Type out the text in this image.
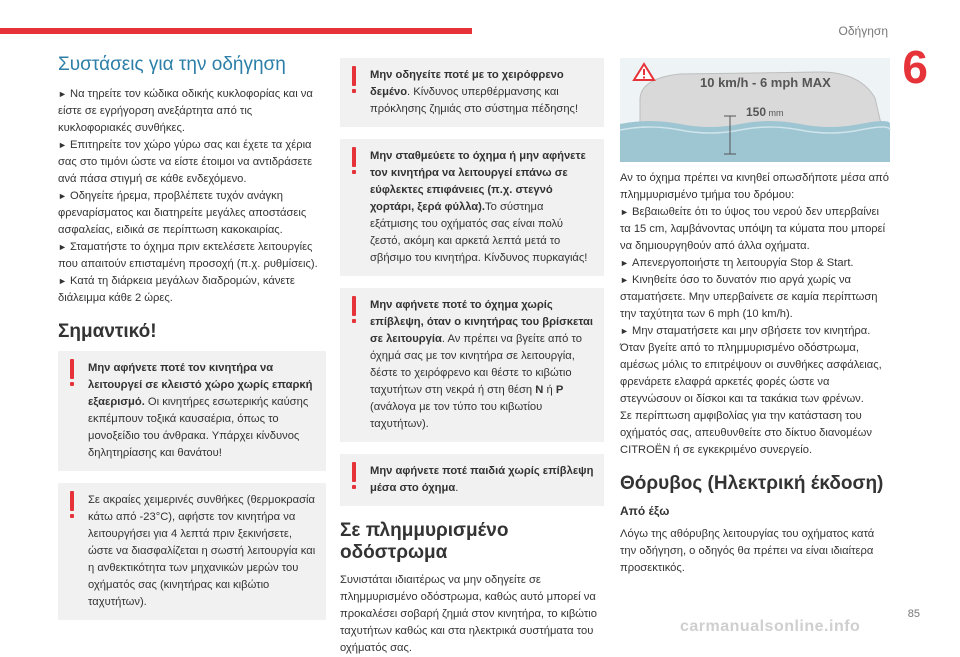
Οδήγηση
6
85
carmanualsonline.info
Συστάσεις για την οδήγηση

► Να τηρείτε τον κώδικα οδικής κυκλοφορίας και να είστε σε εγρήγορση ανεξάρτητα από τις κυκλοφοριακές συνθήκες.

► Επιτηρείτε τον χώρο γύρω σας και έχετε τα χέρια σας στο τιμόνι ώστε να είστε έτοιμοι να αντιδράσετε ανά πάσα στιγμή σε κάθε ενδεχόμενο.

► Οδηγείτε ήρεμα, προβλέπετε τυχόν ανάγκη φρεναρίσματος και διατηρείτε μεγάλες αποστάσεις ασφαλείας, ειδικά σε περίπτωση κακοκαιρίας.

► Σταματήστε το όχημα πριν εκτελέσετε λειτουργίες που απαιτούν επισταμένη προσοχή (π.χ. ρυθμίσεις).

► Κατά τη διάρκεια μεγάλων διαδρομών, κάνετε διάλειμμα κάθε 2 ώρες.

Σημαντικό!
Μην αφήνετε ποτέ τον κινητήρα να λειτουργεί σε κλειστό χώρο χωρίς επαρκή εξαερισμό. Οι κινητήρες εσωτερικής καύσης εκπέμπουν τοξικά καυσαέρια, όπως το μονοξείδιο του άνθρακα. Υπάρχει κίνδυνος δηλητηρίασης και θανάτου!
Σε ακραίες χειμερινές συνθήκες (θερμοκρασία κάτω από -23°C), αφήστε τον κινητήρα να λειτουργήσει για 4 λεπτά πριν ξεκινήσετε, ώστε να διασφαλίζεται η σωστή λειτουργία και η ανθεκτικότητα των μηχανικών μερών του οχήματός σας (κινητήρας και κιβώτιο ταχυτήτων).
Μην οδηγείτε ποτέ με το χειρόφρενο δεμένο. Κίνδυνος υπερθέρμανσης και πρόκλησης ζημιάς στο σύστημα πέδησης!
Μην σταθμεύετε το όχημα ή μην αφήνετε τον κινητήρα να λειτουργεί επάνω σε εύφλεκτες επιφάνειες (π.χ. στεγνό χορτάρι, ξερά φύλλα).Το σύστημα εξάτμισης του οχήματός σας είναι πολύ ζεστό, ακόμη και αρκετά λεπτά μετά το σβήσιμο του κινητήρα. Κίνδυνος πυρκαγιάς!
Μην αφήνετε ποτέ το όχημα χωρίς επίβλεψη, όταν ο κινητήρας του βρίσκεται σε λειτουργία. Αν πρέπει να βγείτε από το όχημά σας με τον κινητήρα σε λειτουργία, δέστε το χειρόφρενο και θέστε το κιβώτιο ταχυτήτων στη νεκρά ή στη θέση N ή P (ανάλογα με τον τύπο του κιβωτίου ταχυτήτων).
Μην αφήνετε ποτέ παιδιά χωρίς επίβλεψη μέσα στο όχημα.
Σε πλημμυρισμένο οδόστρωμα

Συνιστάται ιδιαιτέρως να μην οδηγείτε σε πλημμυρισμένο οδόστρωμα, καθώς αυτό μπορεί να προκαλέσει σοβαρή ζημιά στον κινητήρα, το κιβώτιο ταχυτήτων καθώς και στα ηλεκτρικά συστήματα του οχήματός σας.

10 km/h - 6 mph MAX
150 mm

Αν το όχημα πρέπει να κινηθεί οπωσδήποτε μέσα από πλημμυρισμένο τμήμα του δρόμου:

► Βεβαιωθείτε ότι το ύψος του νερού δεν υπερβαίνει τα 15 cm, λαμβάνοντας υπόψη τα κύματα που μπορεί να δημιουργηθούν από άλλα οχήματα.

► Απενεργοποιήστε τη λειτουργία Stop & Start.

► Κινηθείτε όσο το δυνατόν πιο αργά χωρίς να σταματήσετε. Μην υπερβαίνετε σε καμία περίπτωση την ταχύτητα των 6 mph (10 km/h).

► Μην σταματήσετε και μην σβήσετε τον κινητήρα.

Όταν βγείτε από το πλημμυρισμένο οδόστρωμα, αμέσως μόλις το επιτρέψουν οι συνθήκες ασφάλειας, φρενάρετε ελαφρά αρκετές φορές ώστε να στεγνώσουν οι δίσκοι και τα τακάκια των φρένων.

Σε περίπτωση αμφιβολίας για την κατάσταση του οχήματός σας, απευθυνθείτε στο δίκτυο διανομέων CITROËN ή σε εγκεκριμένο συνεργείο.

Θόρυβος (Ηλεκτρική έκδοση)
Από έξω

Λόγω της αθόρυβης λειτουργίας του οχήματος κατά την οδήγηση, ο οδηγός θα πρέπει να είναι ιδιαίτερα προσεκτικός.
